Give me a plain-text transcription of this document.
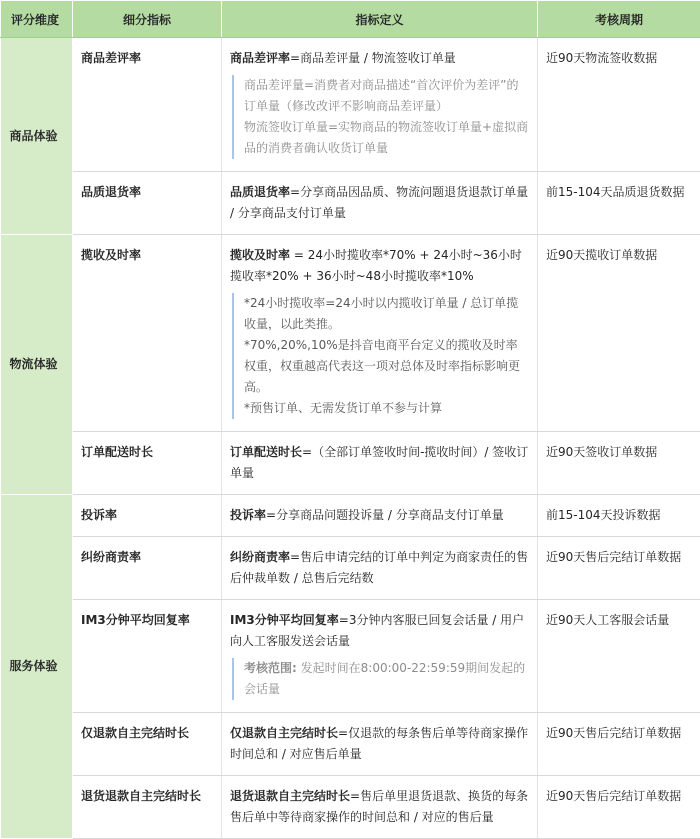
评分维度	细分指标	指标定义	考核周期
商品体验	商品差评率	商品差评率=商品差评量 / 物流签收订单量
商品差评量=消费者对商品描述“首次评价为差评”的订单量（修改改评不影响商品差评量）
物流签收订单量=实物商品的物流签收订单量+虚拟商品的消费者确认收货订单量	近90天物流签收数据
	品质退货率	品质退货率=分享商品因品质、物流问题退货退款订单量 / 分享商品支付订单量	前15-104天品质退货数据
物流体验	揽收及时率	揽收及时率 = 24小时揽收率*70% + 24小时~36小时揽收率*20% + 36小时~48小时揽收率*10%
*24小时揽收率=24小时以内揽收订单量 / 总订单揽收量，以此类推。
*70%,20%,10%是抖音电商平台定义的揽收及时率权重，权重越高代表这一项对总体及时率指标影响更高。
*预售订单、无需发货订单不参与计算	近90天揽收订单数据
	订单配送时长	订单配送时长=（全部订单签收时间-揽收时间）/ 签收订单量	近90天签收订单数据
服务体验	投诉率	投诉率=分享商品问题投诉量 / 分享商品支付订单量	前15-104天投诉数据
	纠纷商责率	纠纷商责率=售后申请完结的订单中判定为商家责任的售后仲裁单数 / 总售后完结数	近90天售后完结订单数据
	IM3分钟平均回复率	IM3分钟平均回复率=3分钟内客服已回复会话量 / 用户向人工客服发送会话量
考核范围: 发起时间在8:00:00-22:59:59期间发起的会话量	近90天人工客服会话量
	仅退款自主完结时长	仅退款自主完结时长=仅退款的每条售后单等待商家操作时间总和 / 对应售后单量	近90天售后完结订单数据
	退货退款自主完结时长	退货退款自主完结时长=售后单里退货退款、换货的每条售后单中等待商家操作的时间总和 / 对应的售后量	近90天售后完结订单数据
